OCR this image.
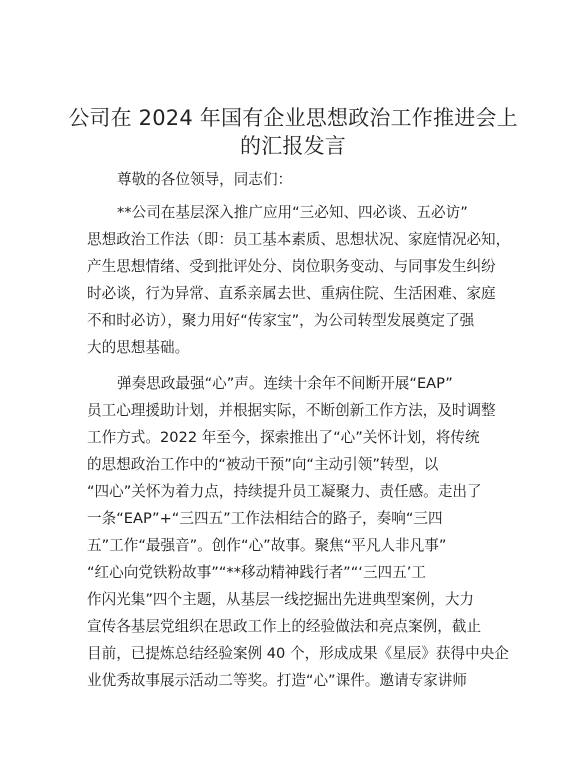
公司在 2024 年国有企业思想政治工作推进会上
的汇报发言
尊敬的各位领导，同志们：
**公司在基层深入推广应用“三必知、四必谈、五必访”
思想政治工作法（即：员工基本素质、思想状况、家庭情况必知，
产生思想情绪、受到批评处分、岗位职务变动、与同事发生纠纷
时必谈，行为异常、直系亲属去世、重病住院、生活困难、家庭
不和时必访），聚力用好“传家宝”，为公司转型发展奠定了强
大的思想基础。
弹奏思政最强“心”声。连续十余年不间断开展“EAP”
员工心理援助计划，并根据实际，不断创新工作方法，及时调整
工作方式。2022 年至今，探索推出了“心”关怀计划，将传统
的思想政治工作中的“被动干预”向“主动引领”转型，以
“四心”关怀为着力点，持续提升员工凝聚力、责任感。走出了
一条“EAP”+“三四五”工作法相结合的路子，奏响“三四
五”工作“最强音”。创作“心”故事。聚焦“平凡人非凡事”
“红心向党铁粉故事”“**移动精神践行者”“‘三四五’工
作闪光集”四个主题，从基层一线挖掘出先进典型案例，大力
宣传各基层党组织在思政工作上的经验做法和亮点案例，截止
目前，已提炼总结经验案例 40 个，形成成果《星辰》获得中央企
业优秀故事展示活动二等奖。打造“心”课件。邀请专家讲师
